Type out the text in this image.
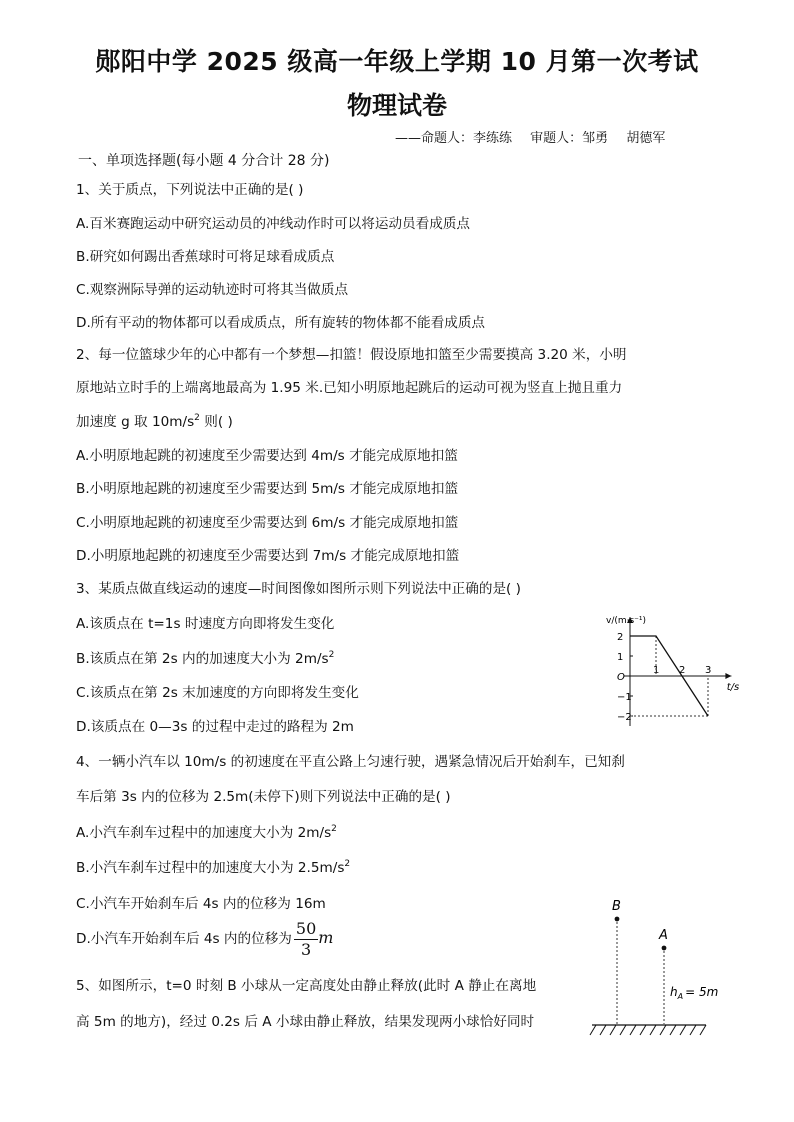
郧阳中学 2025 级高一年级上学期 10 月第一次考试
物理试卷
——命题人：李练练 审题人：邹勇 胡德军
一、单项选择题(每小题 4 分合计 28 分)
1、关于质点，下列说法中正确的是( )
A.百米赛跑运动中研究运动员的冲线动作时可以将运动员看成质点
B.研究如何踢出香蕉球时可将足球看成质点
C.观察洲际导弹的运动轨迹时可将其当做质点
D.所有平动的物体都可以看成质点，所有旋转的物体都不能看成质点
2、每一位篮球少年的心中都有一个梦想—扣篮！假设原地扣篮至少需要摸高 3.20 米，小明
原地站立时手的上端离地最高为 1.95 米.已知小明原地起跳后的运动可视为竖直上抛且重力
加速度 g 取 $10m/s^2$ 则( )
A.小明原地起跳的初速度至少需要达到 4m/s 才能完成原地扣篮
B.小明原地起跳的初速度至少需要达到 5m/s 才能完成原地扣篮
C.小明原地起跳的初速度至少需要达到 6m/s 才能完成原地扣篮
D.小明原地起跳的初速度至少需要达到 7m/s 才能完成原地扣篮
3、某质点做直线运动的速度—时间图像如图所示则下列说法中正确的是( )
A.该质点在 t=1s 时速度方向即将发生变化
B.该质点在第 2s 内的加速度大小为 $2m/s^2$
C.该质点在第 2s 末加速度的方向即将发生变化
D.该质点在 0—3s 的过程中走过的路程为 2m
v/(m·s⁻¹)
t/s
O
2
1
−1
−2
1 2 3
4、一辆小汽车以 10m/s 的初速度在平直公路上匀速行驶，遇紧急情况后开始刹车，已知刹
车后第 3s 内的位移为 2.5m(未停下)则下列说法中正确的是( )
A.小汽车刹车过程中的加速度大小为 $2m/s^2$
B.小汽车刹车过程中的加速度大小为 $2.5m/s^2$
C.小汽车开始刹车后 4s 内的位移为 16m
D.小汽车开始刹车后 4s 内的位移为 $\frac{50}{3}$ m
5、如图所示，t=0 时刻 B 小球从一定高度处由静止释放(此时 A 静止在离地
高 5m 的地方)，经过 0.2s 后 A 小球由静止释放，结果发现两小球恰好同时
B
A
$h_A = 5m$
